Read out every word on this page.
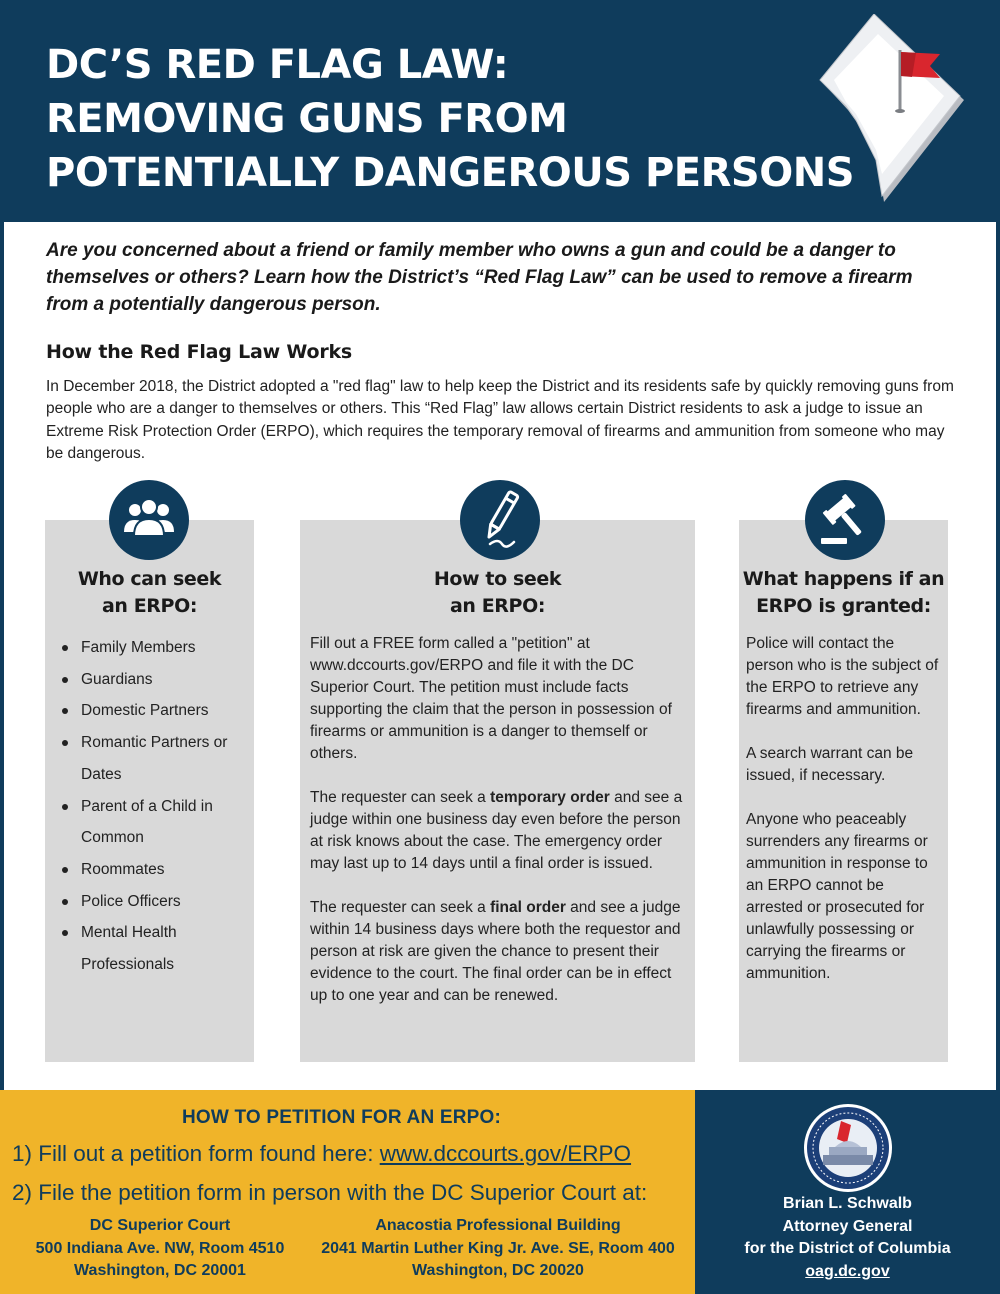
DC’S RED FLAG LAW:
REMOVING GUNS FROM
POTENTIALLY DANGEROUS PERSONS

Are you concerned about a friend or family member who owns a gun and could be a danger to themselves or others? Learn how the District’s “Red Flag Law” can be used to remove a firearm from a potentially dangerous person.

How the Red Flag Law Works

In December 2018, the District adopted a "red flag" law to help keep the District and its residents safe by quickly removing guns from people who are a danger to themselves or others. This “Red Flag” law allows certain District residents to ask a judge to issue an Extreme Risk Protection Order (ERPO), which requires the temporary removal of firearms and ammunition from someone who may be dangerous.

Who can seek
an ERPO:
How to seek
an ERPO:
What happens if an
ERPO is granted:
Family Members
Guardians
Domestic Partners
Romantic Partners or Dates
Parent of a Child in Common
Roommates
Police Officers
Mental Health Professionals

Fill out a FREE form called a "petition" at www.dccourts.gov/ERPO and file it with the DC Superior Court. The petition must include facts supporting the claim that the person in possession of firearms or ammunition is a danger to themself or others.

The requester can seek a temporary order and see a judge within one business day even before the person at risk knows about the case. The emergency order may last up to 14 days until a final order is issued.

The requester can seek a final order and see a judge within 14 business days where both the requestor and person at risk are given the chance to present their evidence to the court. The final order can be in effect up to one year and can be renewed.

Police will contact the person who is the subject of the ERPO to retrieve any firearms and ammunition.

A search warrant can be issued, if necessary.

Anyone who peaceably surrenders any firearms or ammunition in response to an ERPO cannot be arrested or prosecuted for unlawfully possessing or carrying the firearms or ammunition.

HOW TO PETITION FOR AN ERPO:
1) Fill out a petition form found here: www.dccourts.gov/ERPO
2) File the petition form in person with the DC Superior Court at:
DC Superior Court
500 Indiana Ave. NW, Room 4510
Washington, DC 20001
Anacostia Professional Building
2041 Martin Luther King Jr. Ave. SE, Room 400
Washington, DC 20020
Brian L. Schwalb
Attorney General
for the District of Columbia
oag.dc.gov
